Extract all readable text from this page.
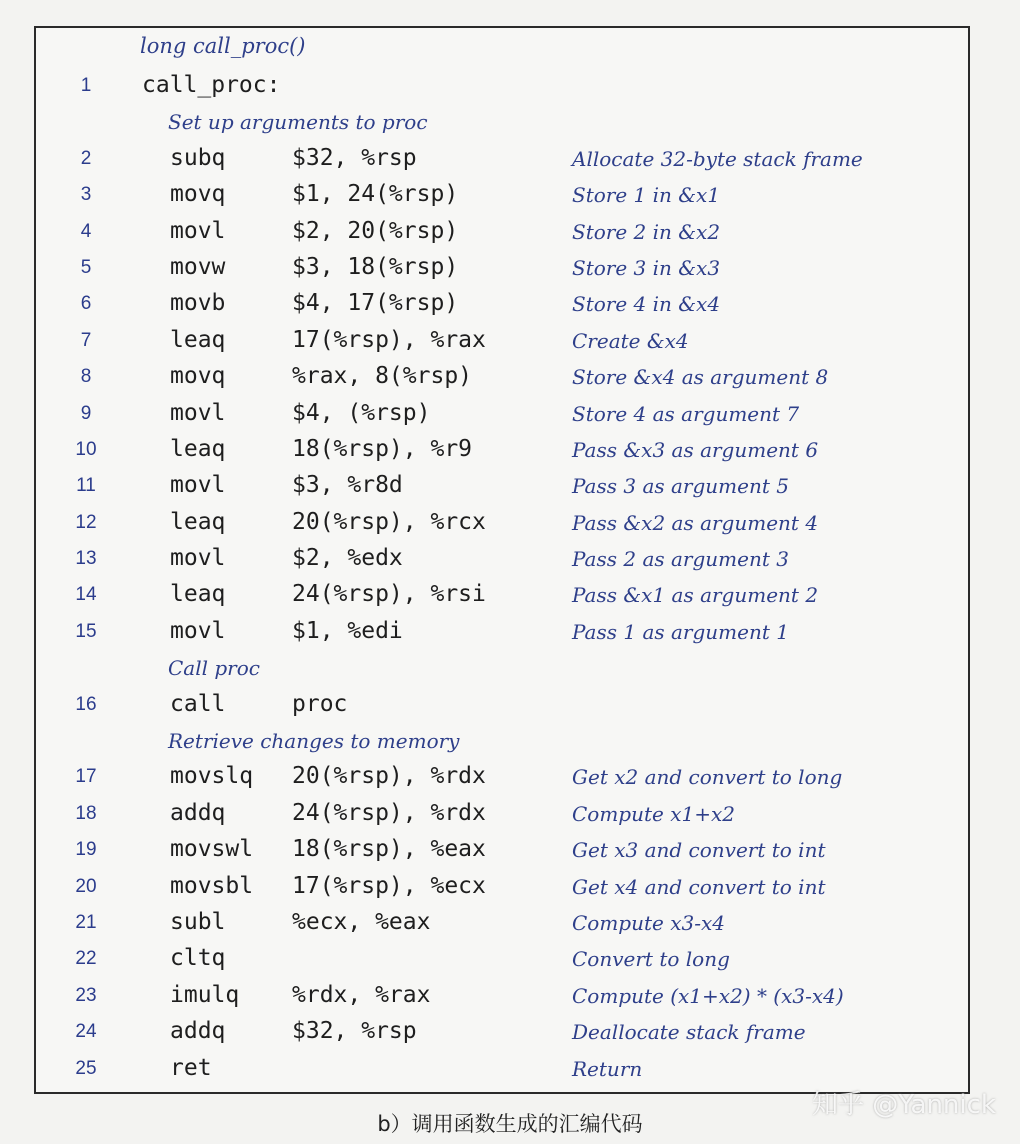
long call_proc()
1	call_proc:
Set up arguments to proc
2	subq	$32, %rsp	Allocate 32-byte stack frame
3	movq	$1, 24(%rsp)	Store 1 in &x1
4	movl	$2, 20(%rsp)	Store 2 in &x2
5	movw	$3, 18(%rsp)	Store 3 in &x3
6	movb	$4, 17(%rsp)	Store 4 in &x4
7	leaq	17(%rsp), %rax	Create &x4
8	movq	%rax, 8(%rsp)	Store &x4 as argument 8
9	movl	$4, (%rsp)	Store 4 as argument 7
10	leaq	18(%rsp), %r9	Pass &x3 as argument 6
11	movl	$3, %r8d	Pass 3 as argument 5
12	leaq	20(%rsp), %rcx	Pass &x2 as argument 4
13	movl	$2, %edx	Pass 2 as argument 3
14	leaq	24(%rsp), %rsi	Pass &x1 as argument 2
15	movl	$1, %edi	Pass 1 as argument 1
Call proc
16	call	proc
Retrieve changes to memory
17	movslq 20(%rsp), %rdx	Get x2 and convert to long
18	addq	24(%rsp), %rdx	Compute x1+x2
19	movswl 18(%rsp), %eax	Get x3 and convert to int
20	movsbl 17(%rsp), %ecx	Get x4 and convert to int
21	subl	%ecx, %eax	Compute x3-x4
22	cltq	Convert to long
23	imulq %rdx, %rax	Compute (x1+x2) * (x3-x4)
24	addq	$32, %rsp	Deallocate stack frame
25	ret	Return
b）调用函数生成的汇编代码
知乎 @Yannick
